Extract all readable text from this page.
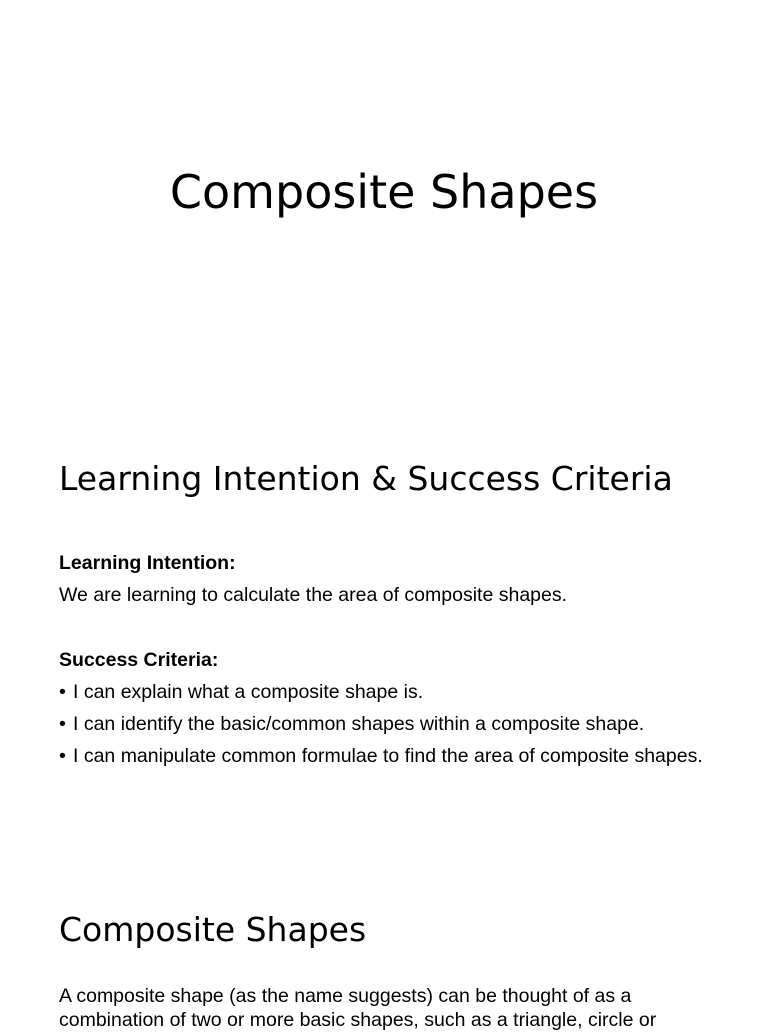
Composite Shapes
Learning Intention & Success Criteria

Learning Intention:

We are learning to calculate the area of composite shapes.

Success Criteria:

• I can explain what a composite shape is.
• I can identify the basic/common shapes within a composite shape.
• I can manipulate common formulae to find the area of composite shapes.
Composite Shapes

A composite shape (as the name suggests) can be thought of as a combination of two or more basic shapes, such as a triangle, circle or
